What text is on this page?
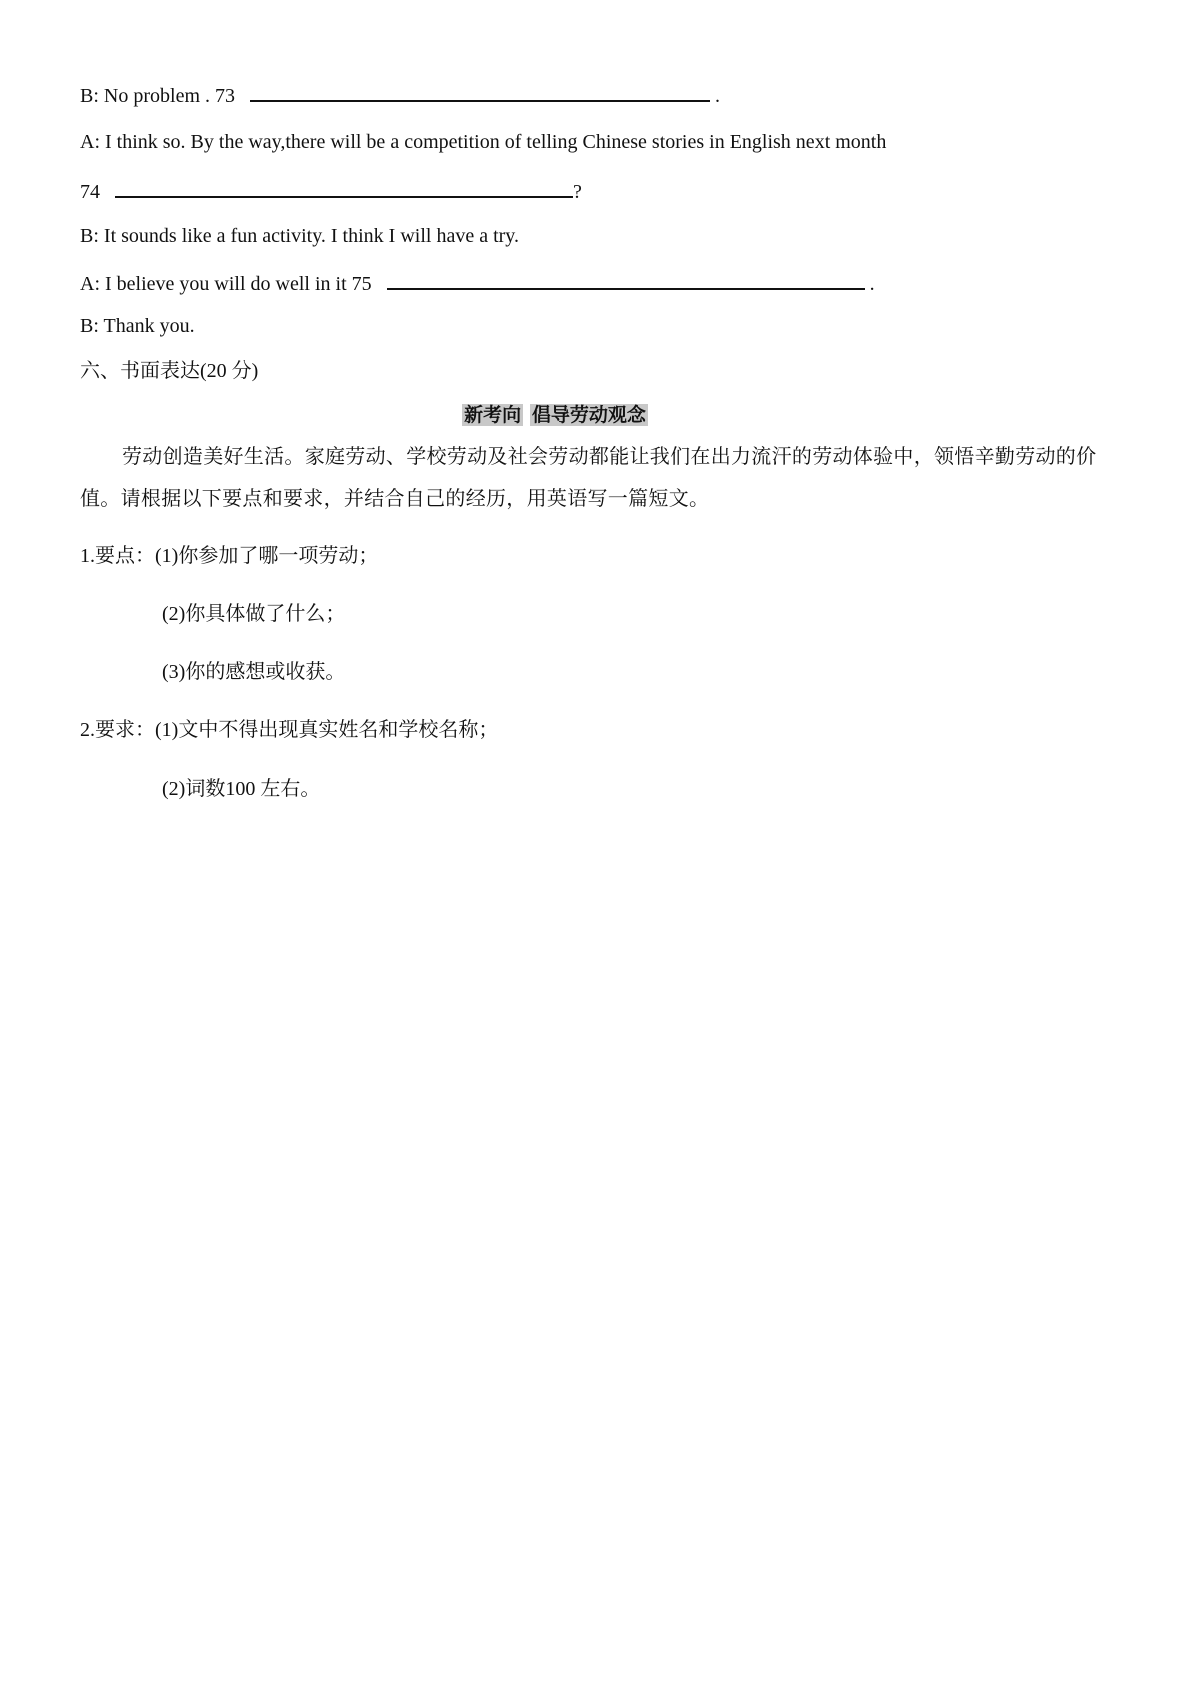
B: No problem . 73	.
A: I think so. By the way,there will be a competition of telling Chinese stories in English next month
74	?
B: It sounds like a fun activity. I think I will have a try.
A: I believe you will do well in it 75	.
B: Thank you.
六、书面表达(20 分)
新考向 倡导劳动观念
劳动创造美好生活。家庭劳动、学校劳动及社会劳动都能让我们在出力流汗的劳动体验中，领悟辛勤劳动的价值。请根据以下要点和要求，并结合自己的经历，用英语写一篇短文。
1.要点：(1)你参加了哪一项劳动；
(2)你具体做了什么；
(3)你的感想或收获。
2.要求：(1)文中不得出现真实姓名和学校名称；
(2)词数100 左右。
